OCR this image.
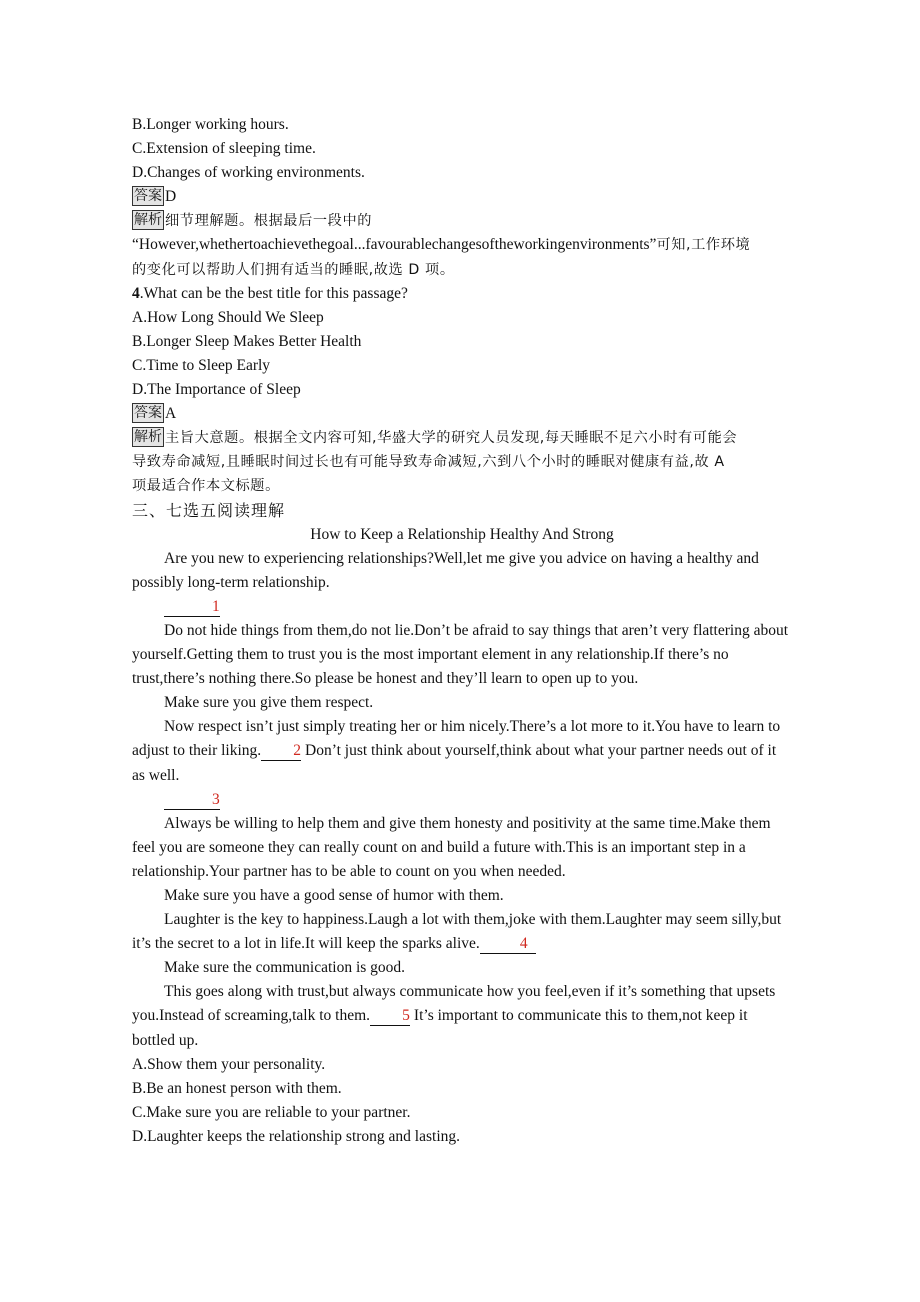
B.Longer working hours.
C.Extension of sleeping time.
D.Changes of working environments.
答案 D
解析 细节理解题。根据最后一段中的
“However,whethertoachievethegoal...favourablechangesoftheworkingenvironments”可知,工作环境
的变化可以帮助人们拥有适当的睡眠,故选 D 项。
4.What can be the best title for this passage?
A.How Long Should We Sleep
B.Longer Sleep Makes Better Health
C.Time to Sleep Early
D.The Importance of Sleep
答案 A
解析 主旨大意题。根据全文内容可知,华盛大学的研究人员发现,每天睡眠不足六小时有可能会
导致寿命减短,且睡眠时间过长也有可能导致寿命减短,六到八个小时的睡眠对健康有益,故 A
项最适合作本文标题。
三、七选五阅读理解
How to Keep a Relationship Healthy And Strong
Are you new to experiencing relationships?Well,let me give you advice on having a healthy and possibly long-term relationship.
1
Do not hide things from them,do not lie.Don’t be afraid to say things that aren’t very flattering about yourself.Getting them to trust you is the most important element in any relationship.If there’s no trust,there’s nothing there.So please be honest and they’ll learn to open up to you.
Make sure you give them respect.
Now respect isn’t just simply treating her or him nicely.There’s a lot more to it.You have to learn to adjust to their liking. 2 Don’t just think about yourself,think about what your partner needs out of it as well.
3
Always be willing to help them and give them honesty and positivity at the same time.Make them feel you are someone they can really count on and build a future with.This is an important step in a relationship.Your partner has to be able to count on you when needed.
Make sure you have a good sense of humor with them.
Laughter is the key to happiness.Laugh a lot with them,joke with them.Laughter may seem silly,but it’s the secret to a lot in life.It will keep the sparks alive.	4
Make sure the communication is good.
This goes along with trust,but always communicate how you feel,even if it’s something that upsets you.Instead of screaming,talk to them. 5 It’s important to communicate this to them,not keep it bottled up.
A.Show them your personality.
B.Be an honest person with them.
C.Make sure you are reliable to your partner.
D.Laughter keeps the relationship strong and lasting.
